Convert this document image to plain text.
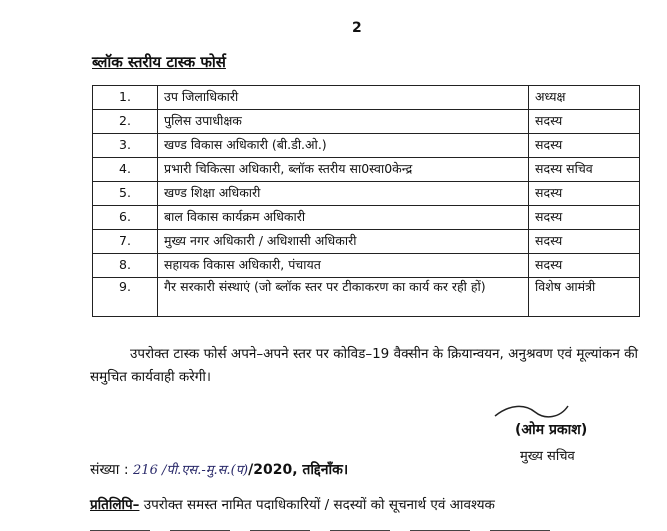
2
ब्लॉक स्तरीय टास्क फोर्स
1.	उप जिलाधिकारी	अध्यक्ष
2.	पुलिस उपाधीक्षक	सदस्य
3.	खण्ड विकास अधिकारी (बी.डी.ओ.)	सदस्य
4.	प्रभारी चिकित्सा अधिकारी, ब्लॉक स्तरीय सा0स्वा0केन्द्र	सदस्य सचिव
5.	खण्ड शिक्षा अधिकारी	सदस्य
6.	बाल विकास कार्यक्रम अधिकारी	सदस्य
7.	मुख्य नगर अधिकारी / अधिशासी अधिकारी	सदस्य
8.	सहायक विकास अधिकारी, पंचायत	सदस्य
9.	गैर सरकारी संस्थाएं (जो ब्लॉक स्तर पर टीकाकरण का कार्य कर रही हों)	विशेष आमंत्री
उपरोक्त टास्क फोर्स अपने–अपने स्तर पर कोविड–19 वैक्सीन के क्रियान्वयन, अनुश्रवण एवं मूल्यांकन की समुचित कार्यवाही करेगी।
(ओम प्रकाश)
मुख्य सचिव
संख्या : 216 /पी.एस.-मु.स.(प)/2020, तद्दिनाँक।
प्रतिलिपि– उपरोक्त समस्त नामित पदाधिकारियों / सदस्यों को सूचनार्थ एवं आवश्यक
